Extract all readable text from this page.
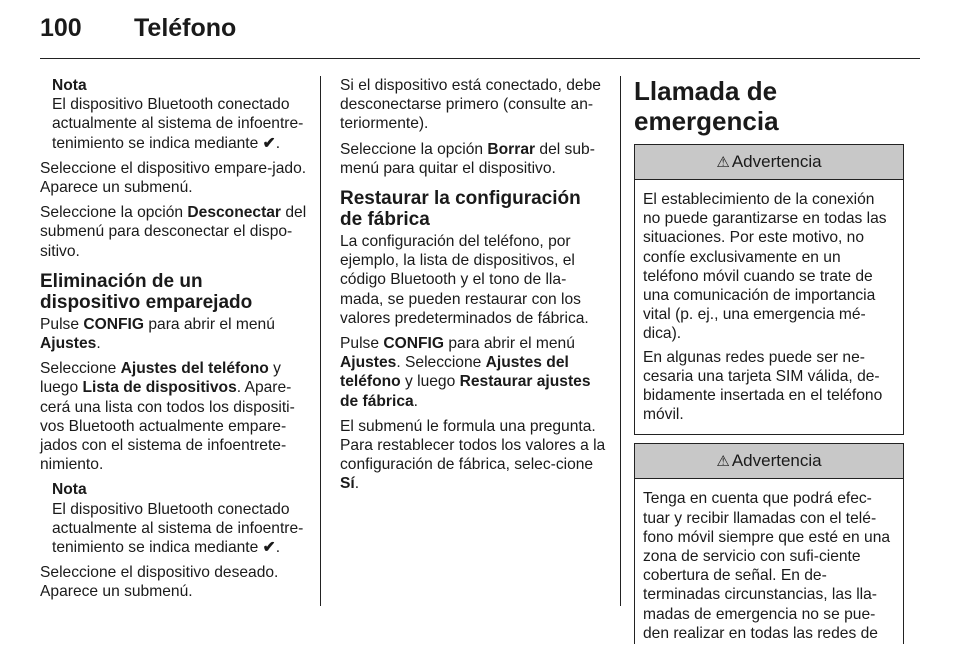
100 Teléfono
Nota
El dispositivo Bluetooth conectado actualmente al sistema de infoentre-tenimiento se indica mediante ✔.

Seleccione el dispositivo empare-jado. Aparece un submenú.

Seleccione la opción Desconectar del submenú para desconectar el dispo-sitivo.

Eliminación de un dispositivo emparejado

Pulse CONFIG para abrir el menú Ajustes.

Seleccione Ajustes del teléfono y luego Lista de dispositivos. Apare-cerá una lista con todos los dispositi-vos Bluetooth actualmente empare-jados con el sistema de infoentrete-nimiento.

Nota
El dispositivo Bluetooth conectado actualmente al sistema de infoentre-tenimiento se indica mediante ✔.

Seleccione el dispositivo deseado. Aparece un submenú.

Si el dispositivo está conectado, debe desconectarse primero (consulte an-teriormente).

Seleccione la opción Borrar del sub-menú para quitar el dispositivo.

Restaurar la configuración de fábrica

La configuración del teléfono, por ejemplo, la lista de dispositivos, el código Bluetooth y el tono de lla-mada, se pueden restaurar con los valores predeterminados de fábrica.

Pulse CONFIG para abrir el menú Ajustes. Seleccione Ajustes del teléfono y luego Restaurar ajustes de fábrica.

El submenú le formula una pregunta. Para restablecer todos los valores a la configuración de fábrica, selec-cione Sí.

Llamada de emergencia
⚠ Advertencia

El establecimiento de la conexión no puede garantizarse en todas las situaciones. Por este motivo, no confíe exclusivamente en un teléfono móvil cuando se trate de una comunicación de importancia vital (p. ej., una emergencia mé-dica).

En algunas redes puede ser ne-cesaria una tarjeta SIM válida, de-bidamente insertada en el teléfono móvil.

⚠ Advertencia

Tenga en cuenta que podrá efec-tuar y recibir llamadas con el telé-fono móvil siempre que esté en una zona de servicio con sufi-ciente cobertura de señal. En de-terminadas circunstancias, las lla-madas de emergencia no se pue-den realizar en todas las redes de
